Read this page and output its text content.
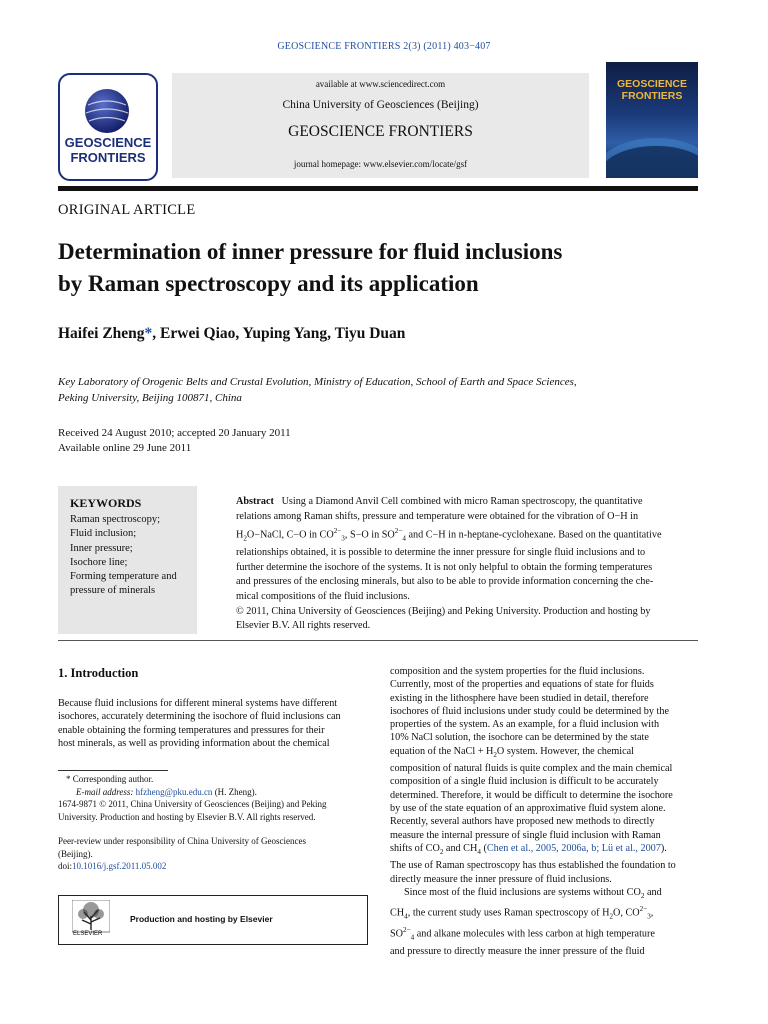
GEOSCIENCE FRONTIERS 2(3) (2011) 403−407
GEOSCIENCE
FRONTIERS
available at www.sciencedirect.com
China University of Geosciences (Beijing)
GEOSCIENCE FRONTIERS
journal homepage: www.elsevier.com/locate/gsf
GEOSCIENCE
FRONTIERS
ORIGINAL ARTICLE
Determination of inner pressure for fluid inclusions
by Raman spectroscopy and its application
Haifei Zheng*, Erwei Qiao, Yuping Yang, Tiyu Duan
Key Laboratory of Orogenic Belts and Crustal Evolution, Ministry of Education, School of Earth and Space Sciences,
Peking University, Beijing 100871, China
Received 24 August 2010; accepted 20 January 2011
Available online 29 June 2011
KEYWORDS
Raman spectroscopy;
Fluid inclusion;
Inner pressure;
Isochore line;
Forming temperature and
pressure of minerals
Abstract Using a Diamond Anvil Cell combined with micro Raman spectroscopy, the quantitative
relations among Raman shifts, pressure and temperature were obtained for the vibration of O−H in
$H_2O-NaCl$, C−O in $CO^{2-}_3$, S−O in $SO^{2-}_4$ and C−H in n-heptane-cyclohexane. Based on the quantitative
relationships obtained, it is possible to determine the inner pressure for single fluid inclusions and to
further determine the isochore of the systems. It is not only helpful to obtain the forming temperatures
and pressures of the enclosing minerals, but also to be able to provide information concerning the che-
mical compositions of the fluid inclusions.
© 2011, China University of Geosciences (Beijing) and Peking University. Production and hosting by
Elsevier B.V. All rights reserved.
1. Introduction
Because fluid inclusions for different mineral systems have different
isochores, accurately determining the isochore of fluid inclusions can
enable obtaining the forming temperatures and pressures for their
host minerals, as well as providing information about the chemical
* Corresponding author.
E-mail address: hfzheng@pku.edu.cn (H. Zheng).
1674-9871 © 2011, China University of Geosciences (Beijing) and Peking
University. Production and hosting by Elsevier B.V. All rights reserved.
Peer-review under responsibility of China University of Geosciences
(Beijing).
doi:10.1016/j.gsf.2011.05.002
ELSEVIER
Production and hosting by Elsevier
composition and the system properties for the fluid inclusions.
Currently, most of the properties and equations of state for fluids
existing in the lithosphere have been studied in detail, therefore
isochores of fluid inclusions under study could be determined by the
properties of the system. As an example, for a fluid inclusion with
10% NaCl solution, the isochore can be determined by the state
equation of the NaCl + $H_2O$ system. However, the chemical
composition of natural fluids is quite complex and the main chemical
composition of a single fluid inclusion is difficult to be accurately
determined. Therefore, it would be difficult to determine the isochore
by use of the state equation of an approximative fluid system alone.
Recently, several authors have proposed new methods to directly
measure the internal pressure of single fluid inclusion with Raman
shifts of $CO_2$ and $CH_4$ (Chen et al., 2005, 2006a, b; Lü et al., 2007).
The use of Raman spectroscopy has thus established the foundation to
directly measure the inner pressure of fluid inclusions.
Since most of the fluid inclusions are systems without $CO_2$ and
$CH_4$, the current study uses Raman spectroscopy of $H_2O$, $CO^{2-}_3$,
$SO^{2-}_4$ and alkane molecules with less carbon at high temperature
and pressure to directly measure the inner pressure of the fluid
